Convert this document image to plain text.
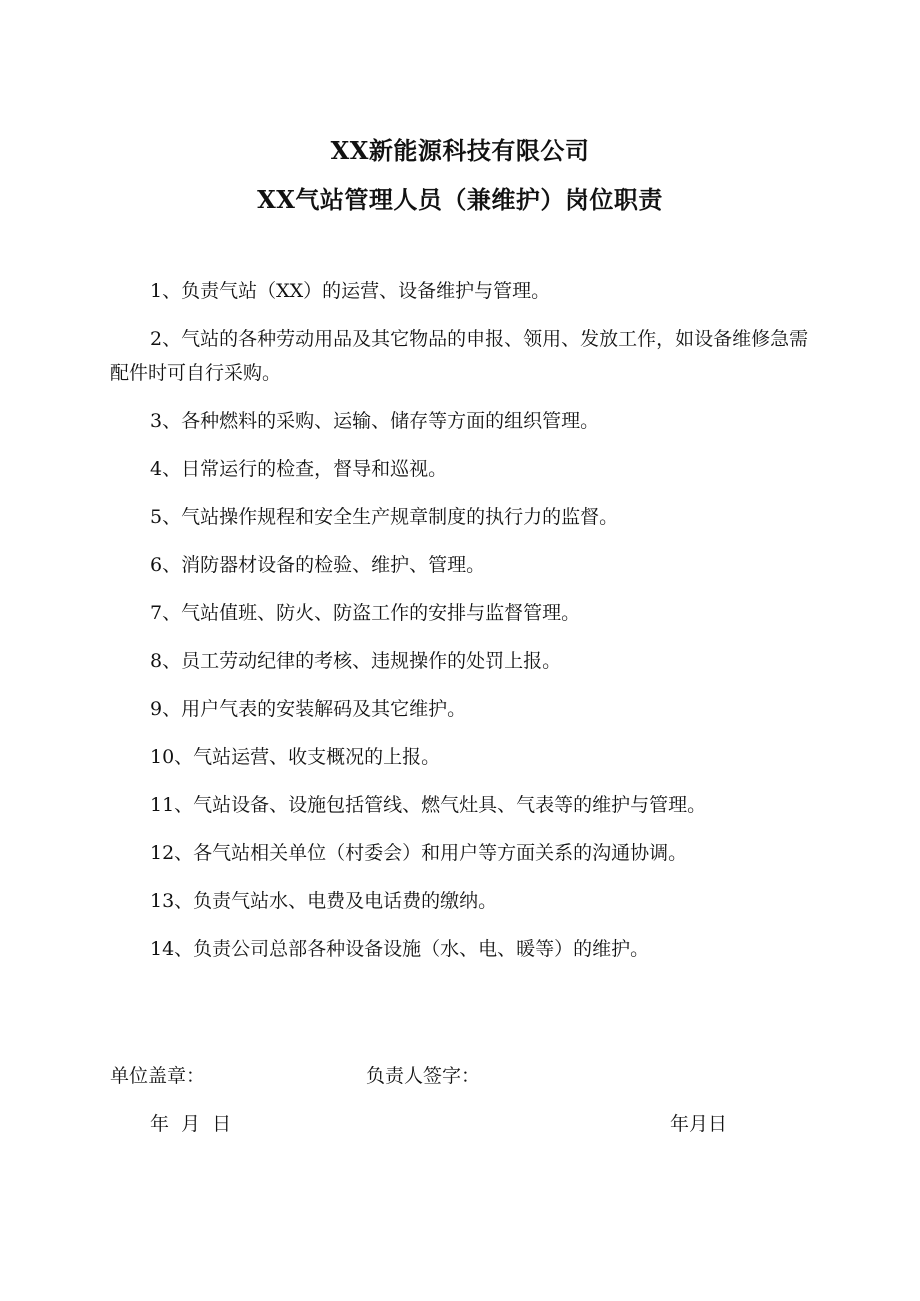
XX新能源科技有限公司
XX气站管理人员（兼维护）岗位职责
1、负责气站（XX）的运营、设备维护与管理。
2、气站的各种劳动用品及其它物品的申报、领用、发放工作，如设备维修急需配件时可自行采购。
3、各种燃料的采购、运输、储存等方面的组织管理。
4、日常运行的检查，督导和巡视。
5、气站操作规程和安全生产规章制度的执行力的监督。
6、消防器材设备的检验、维护、管理。
7、气站值班、防火、防盗工作的安排与监督管理。
8、员工劳动纪律的考核、违规操作的处罚上报。
9、用户气表的安装解码及其它维护。
10、气站运营、收支概况的上报。
11、气站设备、设施包括管线、燃气灶具、气表等的维护与管理。
12、各气站相关单位（村委会）和用户等方面关系的沟通协调。
13、负责气站水、电费及电话费的缴纳。
14、负责公司总部各种设备设施（水、电、暖等）的维护。
单位盖章：	负责人签字：
年  月  日	年月日
